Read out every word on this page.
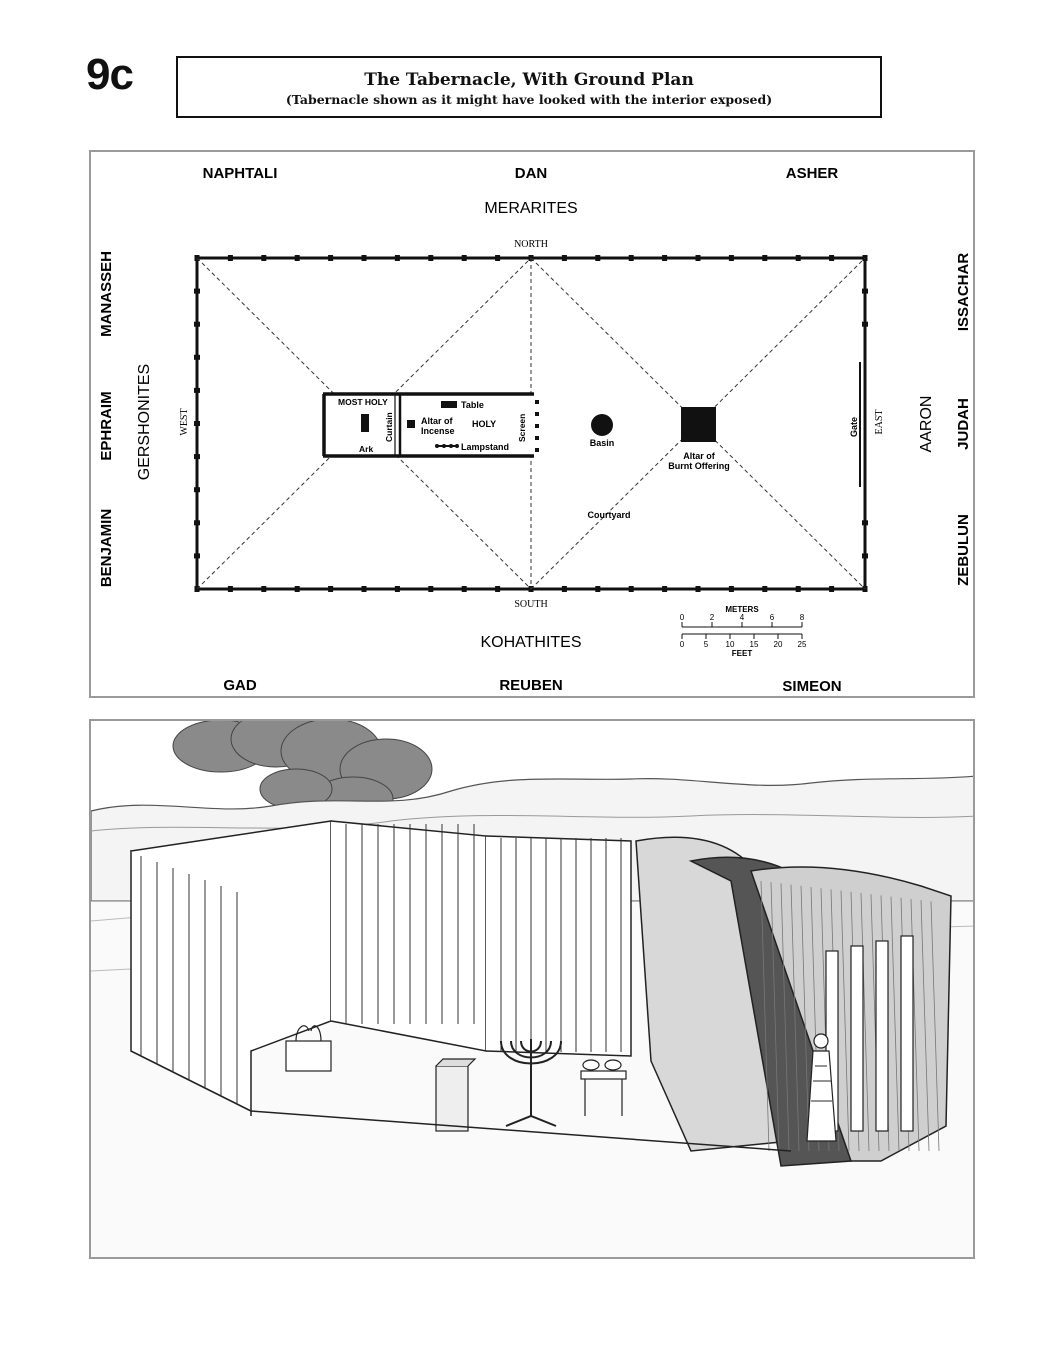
9c	The Tabernacle, With Ground Plan
(Tabernacle shown as it might have looked with the interior exposed)
NAPHTALI	DAN	ASHER
MERARITES
NORTH
KOHATHITES
SOUTH
GAD	REUBEN	SIMEON
MANASSEH
EPHRAIM
BENJAMIN
GERSHONITES	WEST
ISSACHAR
JUDAH
ZEBULUN
AARON
EAST
MOST HOLY
Ark
Curtain
Table
Altar of
Incense
HOLY
Lampstand
Screen
Basin
Altar of
Burnt Offering
Courtyard
Gate
METERS
0	2	4	6	8
0 5 10 15 20 25
FEET
